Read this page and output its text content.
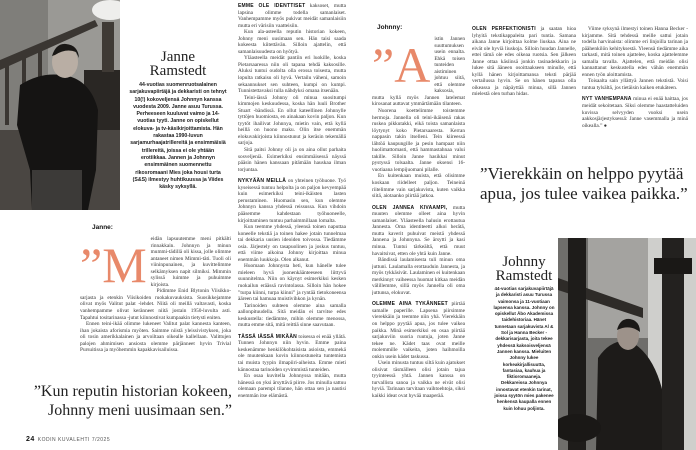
Janne
Ramstedt
44-vuotias suomenruotsalainen sarjakuvapiirtäjä ja dekkaristi on tehnyt 10(!) kokoveljensä Johnnyn kanssa vuodesta 2009. Janne asuu Turussa. Perheeseen kuuluvat vaimo ja 14-vuotias tyyti. Janne on opiskellut elokuva- ja tv-käsikirjoittamista. Hän rakastaa 1990-luvun sarjamurhaajatrillereitä ja ensimmäisiä trillereitä, joissa ei ole yhtään erotiikkaa. Jannen ja Johnnyn ensimmäinen suomennettu rikosromaani Mies joka housi turta (S&S) ilmestyy huhtikuussa ja Viides käsky syksyllä.
Janne:
”M eidän lapsuutemme meni pitkälti rinnakkain. Johnnyn ja minun mummi-tädillä oli kissa, jolle olimme antaneet nimen Mimmi-täti. Tuoli oli viininpunainen, ja kuvittelimme selkämyksen napit silmiksi. Mimmin sylissä luimme ja puhuimme kirjoista.

Pidimme Enid Blytonin Viisikko-sarjasta ja etenkin Viisikoiden ruokakuvauksista. Suosikkejamme olivat myös Valitut palat -lehdet. Niitä oli meillä valtavasti, koska vanhempamme olivat keränneet niitä jostain 1950-luvulta asti. Tapahtui tositarinassa -jutut kiinnostivat kumpaakin tietysti eniten.

Ennen teini-ikää olimme lukeneet Valitut palat kannesta kanteen, ihan jokaista aforismia myöten. Saimme niistä yleissivistyksen, joka oli tosin amerikkalainen ja arvoiltaan oikealle kallellaan. Valittujen palojen ahmimisen ansiosta olemme pärjänneet hyvin Trivial Pursuitissa ja myöhemmin kapakkavisailuissa.

”Kun reputin historian kokeen, Johnny meni uusimaan sen.”
24 KODIN KUVALEHTI 7/2025

EMME OLE IDENTTISET kaksoset, mutta lapsina olimme todella samanlaiset. Vanhempamme myös pukivat meidät samanlaisiin mutta eri värisiin vaatteisiin.

Kun ala-asteella reputin historian kokeen, Johnny meni uusimaan sen. Hän taisi saada kokeesta kiitettävän. Silloin ajattelin, että samanlaisuudesta on hyötyä.

Yläasteella meidät pantiin eri luokille, koska Pietarsaaressa niin oli tapana tehdä kaksosille. Aluksi tuntui oudolta olla erossa toisesta, mutta lopulta ratkaisu oli hyvä. Vertailu väheni, samoin sekaannukset sen suhteen, kumpi on kumpi. Tunnistettavaksi tulla nähdyksi omana itsenään.

Teini-iässä Johnny oli minua suositumpi kimmojen keskuudessa, koska hän luuli Brother Stuart -bändissä. En ollut kateellinen Johnnylle tyttöjen huomiosta, en ainakaan kovin paljon. Kun tyytöt ihailivat Johnnya, mietin vain, että kyllä heillä on huono maku. Olin itse enemmän elokuvakirjoista kiinnostunut ja keräsin tekemällä sarjoja.

Sitä paitsi Johnny oli ja on aina ollut parhaita sosveljeniä. Esimerkiksi ensimmäisessä näyssä pääsin hänen kanssaan pitämään hauskaa ilman torjuntaa.

NYKYÄÄN MEILLÄ on yhteinen työhuone. Työ kyseisessä tuntuu helpolta ja on paljon kevyempää kuin esimerkiksi teini-ikäisten lasten perustaminen. Huomasin sen, kun olemme Johnnyn kanssa yhdessä reissussa. Kun vihdoin pääsemme kahdestaan työhuoneelle, kirjoittaminen tuntuu parhaimmillaan lomalta.

Kun teemme yhdessä, yleensä toinen naputtaa koneelle tekstiä ja toinen hakee jotain tunnelmaa tai dekkaria uusien ideoiden toivossa. Tiedämme osia. Järjestely on tasapuolinen ja joskus tuntuu, että viime aikoina Johnny kirjoittaa minua enemmän luukkoja. Olen alkanut.

Huomaan Johnnysta heti, kun hänelle tulee mieleen hyvä juonenkäänteeseen liittyvä suunnitelma. Niin on käynyt esimerkiksi kesken ruokailun eräässä ravintolassa. Silloin hän hokee ”turpa kiinni, turpa kiinni” ja ryntää tietokoneensa ääreen tai hamuaa muistivihkon ja kynän.

Tarinoiden suhteen olemme aina samalla aallonpituudella. Sitä meidän ei tarvitse edes keskustella: tiedämme, mihin olemme menossa, mutta emme sitä, mitä reittiä sinne saavutaan.

TÄSSÄ IÄSSÄ MIKÄÄN toisessa ei enää yllätä. Tunnen Johnnyn niin hyvin. Emme paina keskenämme henkilökohtaisista asioista, emmekä ole muutenkaan kovin kiinnostuneita tuntemista tai muista tyypin ilmapiiri-aiheista. Emme mieti kännostaa tarinoiden syvimmistä tunteiden.

En osaa kuvitella Johnnyssa mitään, mutta hänessä on yksi ärsyttävä piirre. Jos minulla sattuu olemaan parempi tilanne, hän ottaa sen ja nautisi enemmän itse elämästä.

Johnny:
”A istin Jannen suuttumuksen usein ennalta. Ehkä toisen tunteiden aistiminen johtuu siitä, että olemme kaksosia, mutta kyllä myös Jannen latelemat kirosanat auttavat ymmärtämään tilanteen.

Nuorena koettelimme toistemme hermoja. Jannella oli teini-ikäisenä rakas ruskea pikkutakki, eikä toista samanlaista löytynyt koko Pietarsaaresta. Kerran nappasin takin itselleni. Tein kiireessä lähtöä kaupungille ja pesin hampaat niin huolimattomasti, että hammastahnaa valui takille. Silloin Janne hasikkai minut pystyssä tolsaalta. Janne oksensi 16-vuotiaana lempijuomani pilalle.

En kuitenkaan muista, että olisimme koskaan riidelleet paljon. Teineinä riitelimme vain sarjakuvista, kuten vaikka siitä, aiotaanko piirtää jatkoa.

OLEN JANNEA KIVAAMPI, mutta muuten olemme olleet aina hyvin samanlaiset. Yläasteella halusin erottautua Jannesta. Oma identiteetti alkoi herätä, mutta kaverit puhuivat meistä yhdessä Jannena ja Johnnyna. Se ärsytti ja kasi minua. Tuntui tärkeältä, että muut havaitsivat, etten ole yhtä kuin Janne.

Bändissä laulamisesta tuli minun oma juttuni. Laulamalla erottauduin Jannesta, ja myös tykkäsivät. Laulaminen ei kuitenkaan merkinnyt vaiheessa huomat kitkaa meidän välillemme, sillä myös Jannella oli oma juttunsa, elokuvat.

OLEMME AINA TYKÄNNEET piirtää samalle paperille. Lapsena piirsimme vierekkäin ja teemme niin yhä. Vierekkäin on helppo pyytää apua, jos tulee vaikea paikka. Minä esimerkiksi en osaa piirtää sarjakuviin suoria ruutuja, joten Janne tekee ne. Kädet taas ovat meille molemmille vaikeita, joten haihmoilla onkin usein kädet taskussa.

Usein minusta tuntuu siltä kuin ajatukset olisivat täsmälleen olisi jotain tajua tyyinteessä yhtä. Jannen kanssa on turvallista sanoa ja vaikka ne eivät olisi hyviä. Tarinaan tarvitaan vaihtoehtoja, siksi kaikki ideat ovat hyvää maaperää.

OLEN PERFEKTIONISTI ja saatan hioa lyhyitä tekstikappaleita pari tuntia. Samana aikana Janne kirjoittaa kolme liuskaa. Aina ne eivät ole hyviä liuskoja. Silloin huudan Jannelle, ettei tämä ole edes oikeaa ruotsia. Sen jälkeen Janne ottaa käsiinsä jonkin tasinadekkarin ja lukee sitä ääneen osoittaakseen minulle, että kyllä hänen kirjoittamansa teksti pärjää vertailussa hyvin. Se on hänen tapansa olla oikeassa ja näpäyttää minua, sillä Jannen mielestä olen turhan hidas.

Viime syksynä ilmestyi toinen Hanna Becker -kirjamme. Sitä tehdessä meille sattui jotain todella harvinaista: olimme eri linjoilla tarinan ja päähenkilön kehityksestä. Yleensä tiedämme aika tarkasti, mitä toinen ajattelee, koska ajattelemme samalla tavalla. Ajattelen, että meidän olisi kannattanut keskustella edes vähän enemmän ennen työn aloittamista.

Toisaalta sain yllättyä Jannen tekstistä. Voisi tuntua tylsältä, jos tietäisin kaiken etukäteen.

NYT VANHEMPANA minua ei enää haittaa, jos meidät sekoitetaan. Siksi olemme haastatteluiden kuvissa selvyyden vuoksi usein aakkosjärjestyksessä: Janne vasemmalla ja minä oikealla.” ●

”Vierekkäin on helppo pyytää apua, jos tulee vaikea paikka.”
Johnny
Ramstedt
44-vuotias sarjakuvapiirtäjä ja dekkaristi asuu Turussa vaimonsa ja 11-vuotiaan lapsensa kanssa. Johnny on opiskellut Åbo Akademissa taidehistoriaa. Hänet tunnetaan sarjakuvista Al & Sol ja Hanna Becker -dekkarisarjasta, joita tekee yhdessä kaksoisveljensä Jannen kanssa. Mieluiten Johnny lukee korkeakirjallisuutta, fantasiaa, kauhua ja fiktioromaaneja. Dekkareissa Johnnya innostavat etenkin tarinat, joissa syytön mies pakenee henkensä kaupalla ennen kuin lohuu poljinta.
